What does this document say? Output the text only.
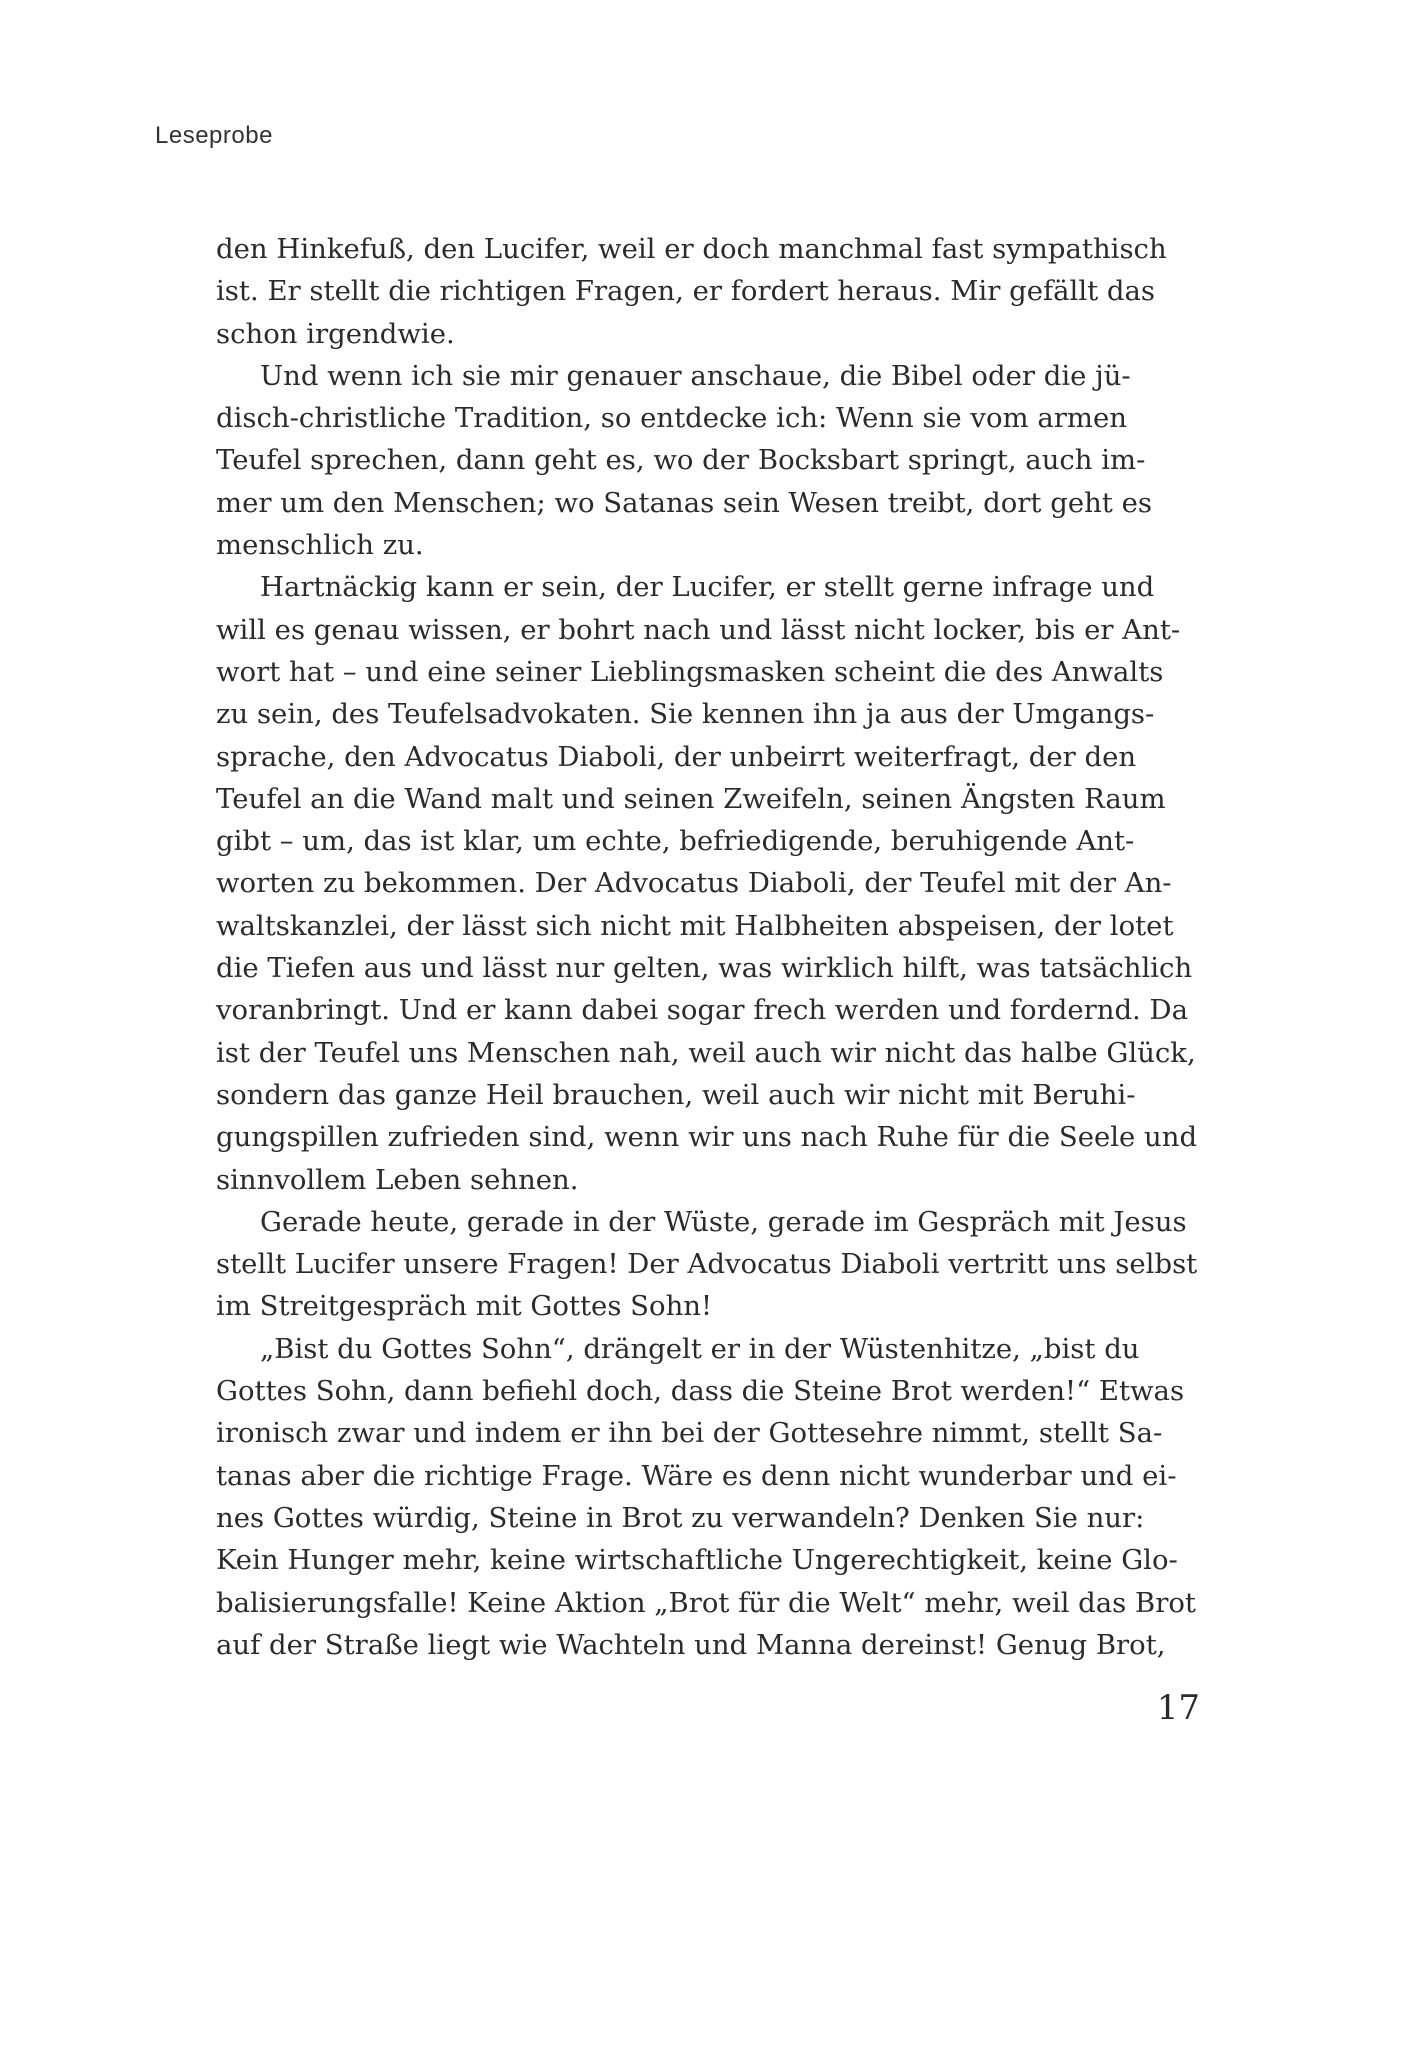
Leseprobe
den Hinkefuß, den Lucifer, weil er doch manchmal fast sympathisch
ist. Er stellt die richtigen Fragen, er fordert heraus. Mir gefällt das
schon irgendwie.
Und wenn ich sie mir genauer anschaue, die Bibel oder die jü-
disch-christliche Tradition, so entdecke ich: Wenn sie vom armen
Teufel sprechen, dann geht es, wo der Bocksbart springt, auch im-
mer um den Menschen; wo Satanas sein Wesen treibt, dort geht es
menschlich zu.
Hartnäckig kann er sein, der Lucifer, er stellt gerne infrage und
will es genau wissen, er bohrt nach und lässt nicht locker, bis er Ant-
wort hat – und eine seiner Lieblingsmasken scheint die des Anwalts
zu sein, des Teufelsadvokaten. Sie kennen ihn ja aus der Umgangs-
sprache, den Advocatus Diaboli, der unbeirrt weiterfragt, der den
Teufel an die Wand malt und seinen Zweifeln, seinen Ängsten Raum
gibt – um, das ist klar, um echte, befriedigende, beruhigende Ant-
worten zu bekommen. Der Advocatus Diaboli, der Teufel mit der An-
waltskanzlei, der lässt sich nicht mit Halbheiten abspeisen, der lotet
die Tiefen aus und lässt nur gelten, was wirklich hilft, was tatsächlich
voranbringt. Und er kann dabei sogar frech werden und fordernd. Da
ist der Teufel uns Menschen nah, weil auch wir nicht das halbe Glück,
sondern das ganze Heil brauchen, weil auch wir nicht mit Beruhi-
gungspillen zufrieden sind, wenn wir uns nach Ruhe für die Seele und
sinnvollem Leben sehnen.
Gerade heute, gerade in der Wüste, gerade im Gespräch mit Jesus
stellt Lucifer unsere Fragen! Der Advocatus Diaboli vertritt uns selbst
im Streitgespräch mit Gottes Sohn!
„Bist du Gottes Sohn“, drängelt er in der Wüstenhitze, „bist du
Gottes Sohn, dann befiehl doch, dass die Steine Brot werden!“ Etwas
ironisch zwar und indem er ihn bei der Gottesehre nimmt, stellt Sa-
tanas aber die richtige Frage. Wäre es denn nicht wunderbar und ei-
nes Gottes würdig, Steine in Brot zu verwandeln? Denken Sie nur:
Kein Hunger mehr, keine wirtschaftliche Ungerechtigkeit, keine Glo-
balisierungsfalle! Keine Aktion „Brot für die Welt“ mehr, weil das Brot
auf der Straße liegt wie Wachteln und Manna dereinst! Genug Brot,
17
